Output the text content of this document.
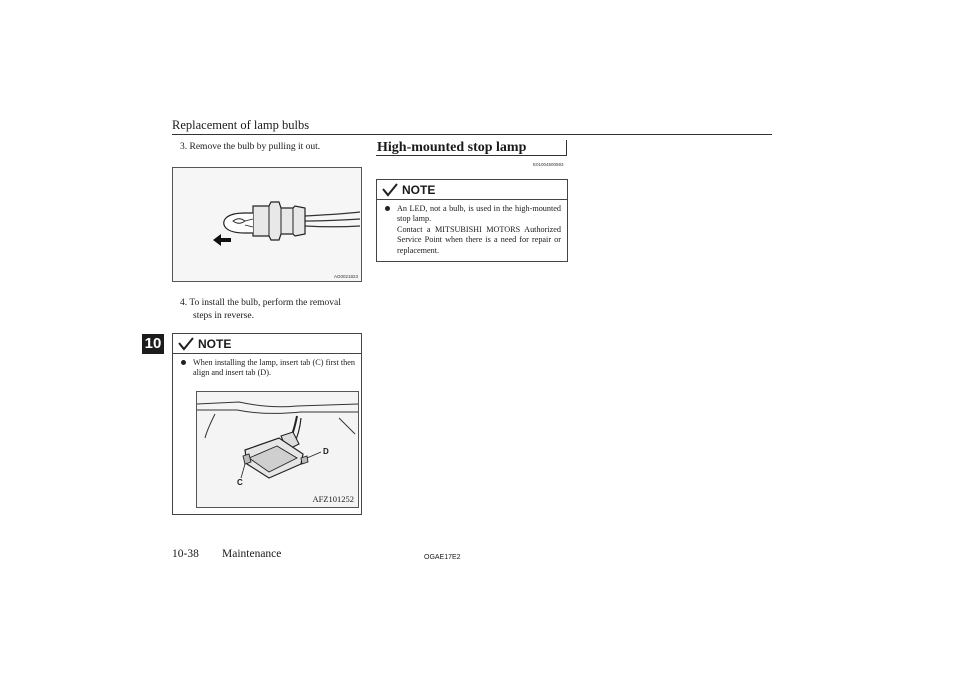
Replacement of lamp bulbs
10
3. Remove the bulb by pulling it out.
AG0021823
4. To install the bulb, perform the removal
steps in reverse.
NOTE
When installing the lamp, insert tab (C) first then align and insert tab (D).
D
C
AFZ101252
High-mounted stop lamp
E01004500593
NOTE
An LED, not a bulb, is used in the high-mounted stop lamp.
Contact a MITSUBISHI MOTORS Authorized Service Point when there is a need for repair or replacement.
10-38 Maintenance	OGAE17E2
